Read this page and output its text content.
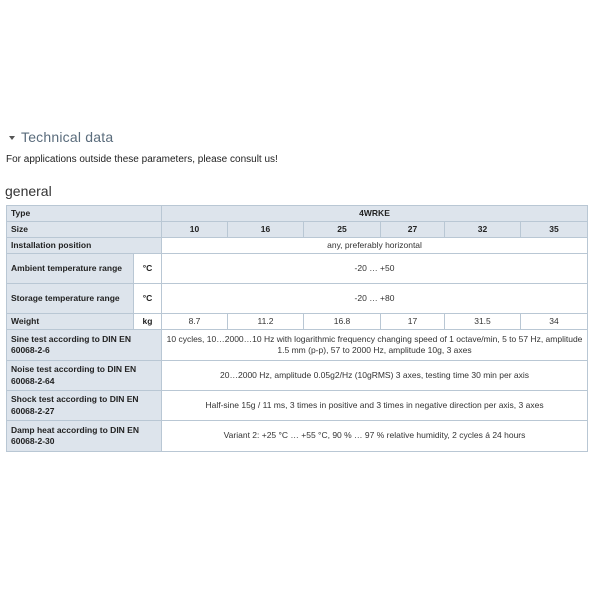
Technical data
For applications outside these parameters, please consult us!
general
Type		4WRKE					
Size		10	16	25	27	32	35
Installation position		any, preferably horizontal					
Ambient temperature range	°C	-20 … +50					
Storage temperature range	°C	-20 … +80					
Weight	kg	8.7	11.2	16.8	17	31.5	34
Sine test according to DIN EN 60068-2-6		10 cycles, 10…2000…10 Hz with logarithmic frequency changing speed of 1 octave/min, 5 to 57 Hz, amplitude 1.5 mm (p-p), 57 to 2000 Hz, amplitude 10g, 3 axes					
Noise test according to DIN EN 60068-2-64		20…2000 Hz, amplitude 0.05g2/Hz (10gRMS) 3 axes, testing time 30 min per axis					
Shock test according to DIN EN 60068-2-27		Half-sine 15g / 11 ms, 3 times in positive and 3 times in negative direction per axis, 3 axes					
Damp heat according to DIN EN 60068-2-30		Variant 2: +25 °C … +55 °C, 90 % … 97 % relative humidity, 2 cycles á 24 hours					
